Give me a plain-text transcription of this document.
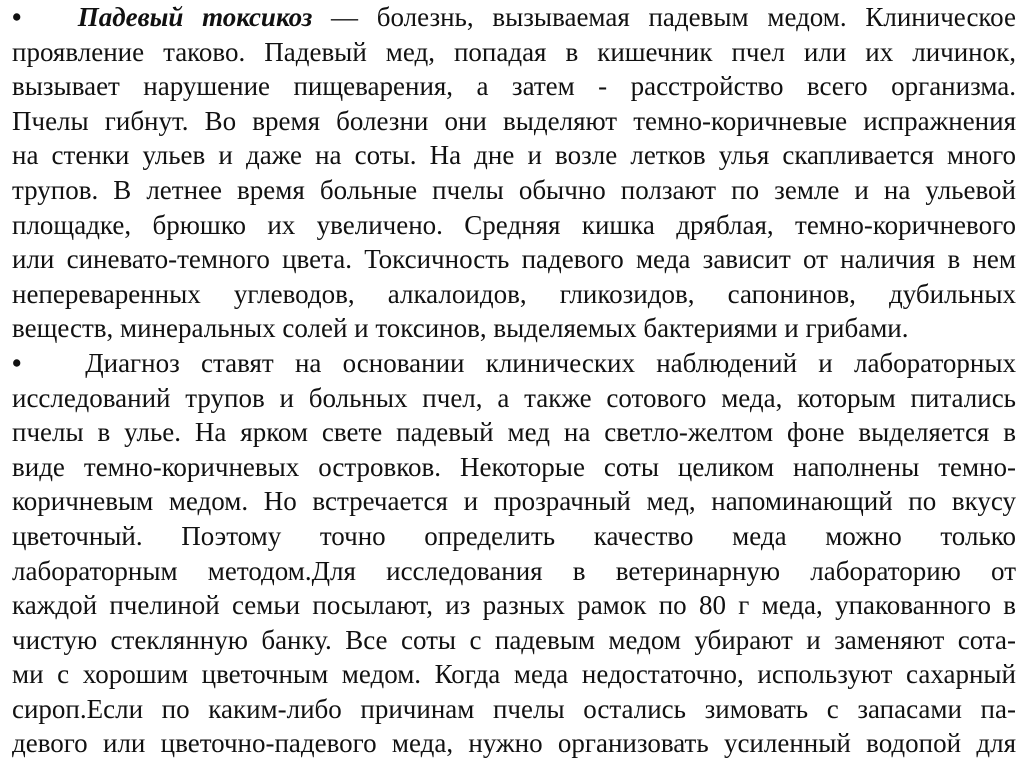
• Падевый токсикоз — болезнь, вызываемая падевым медом. Клиническое
проявление таково. Падевый мед, попадая в кишечник пчел или их личинок,
вызывает нарушение пищеварения, а затем - расстройство всего организма.
Пчелы гибнут. Во время болезни они выделяют темно-коричневые испражнения
на стенки ульев и даже на соты. На дне и возле летков улья скапливается много
трупов. В летнее время больные пчелы обычно ползают по земле и на ульевой
площадке, брюшко их увеличено. Средняя кишка дряблая, темно-коричневого
или синевато-темного цвета. Токсичность падевого меда зависит от наличия в нем
непереваренных углеводов, алкалоидов, гликозидов, сапонинов, дубильных
веществ, минеральных солей и токсинов, выделяемых бактериями и грибами.
• Диагноз ставят на основании клинических наблюдений и лабораторных
исследований трупов и больных пчел, а также сотового меда, которым питались
пчелы в улье. На ярком свете падевый мед на светло-желтом фоне выделяется в
виде темно-коричневых островков. Некоторые соты целиком наполнены темно-
коричневым медом. Но встречается и прозрачный мед, напоминающий по вкусу
цветочный. Поэтому точно определить качество меда можно только
лабораторным методом.Для исследования в ветеринарную лабораторию от
каждой пчелиной семьи посылают, из разных рамок по 80 г меда, упакованного в
чистую стеклянную банку. Все соты с падевым медом убирают и заменяют сота-
ми с хорошим цветочным медом. Когда меда недостаточно, используют сахарный
сироп.Если по каким-либо причинам пчелы остались зимовать с запасами па-
девого или цветочно-падевого меда, нужно организовать усиленный водопой для
